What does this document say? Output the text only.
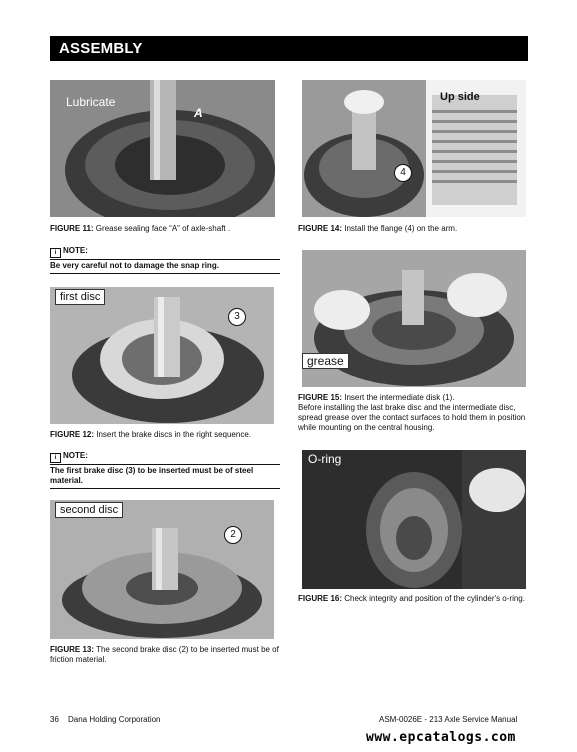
ASSEMBLY
Lubricate
A
FIGURE 11: Grease sealing face “A” of axle-shaft .
Up side
4
FIGURE 14: Install the flange (4) on the arm.
i NOTE:
Be very careful not to damage the snap ring.
first disc
3
FIGURE 12: Insert the brake discs in the right sequence.
grease
FIGURE 15: Insert the intermediate disk (1).
Before installing the last brake disc and the intermediate disc, spread grease over the contact surfaces to hold them in position while mounting on the central housing.
i NOTE:
The first brake disc (3) to be inserted must be of steel material.
second disc
2
FIGURE 13: The second brake disc (2) to be inserted must be of friction material.
O-ring
FIGURE 16: Check integrity and position of the cylinder's o-ring.
36 Dana Holding Corporation	ASM-0026E - 213 Axle Service Manual
www.epcatalogs.com
